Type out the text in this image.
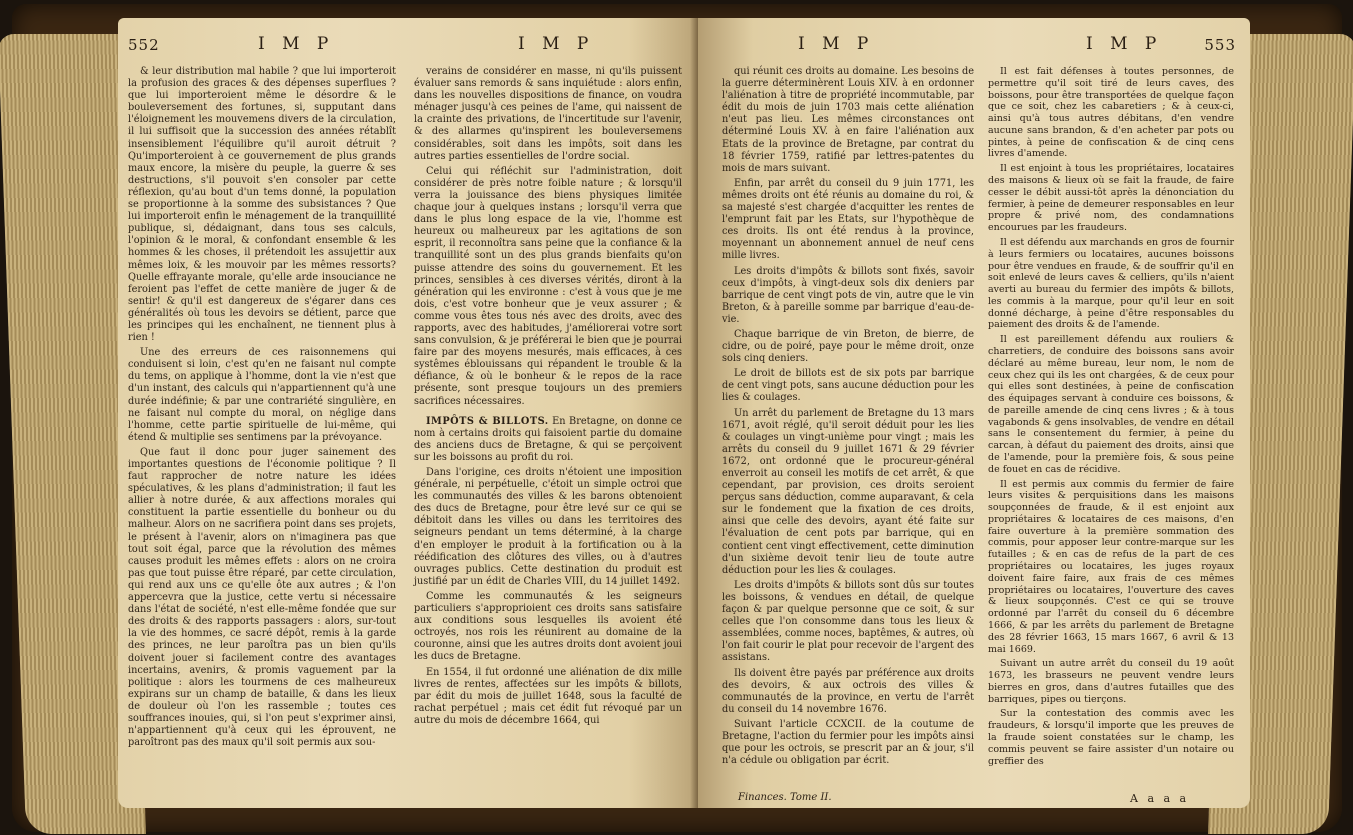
552	I M P	I M P

& leur distribution mal habile ? que lui importeroit la profusion des graces & des dépenses superflues ? que lui importeroient même le désordre & le bouleversement des fortunes, si, supputant dans l'éloignement les mouvemens divers de la circulation, il lui suffisoit que la succession des années rétablît insensiblement l'équilibre qu'il auroit détruit ? Qu'importeroient à ce gouvernement de plus grands maux encore, la misère du peuple, la guerre & ses destructions, s'il pouvoit s'en consoler par cette réflexion, qu'au bout d'un tems donné, la population se proportionne à la somme des subsistances ? Que lui importeroit enfin le ménagement de la tranquillité publique, si, dédaignant, dans tous ses calculs, l'opinion & le moral, & confondant ensemble & les hommes & les choses, il prétendoit les assujettir aux mêmes loix, & les mouvoir par les mêmes ressorts? Quelle effrayante morale, qu'elle arde insouciance ne feroient pas l'effet de cette manière de juger & de sentir! & qu'il est dangereux de s'égarer dans ces généralités où tous les devoirs se détient, parce que les principes qui les enchaînent, ne tiennent plus à rien !

Une des erreurs de ces raisonnemens qui conduisent si loin, c'est qu'en ne faisant nul compte du tems, on applique à l'homme, dont la vie n'est que d'un instant, des calculs qui n'appartiennent qu'à une durée indéfinie; & par une contrariété singulière, en ne faisant nul compte du moral, on néglige dans l'homme, cette partie spirituelle de lui-même, qui étend & multiplie ses sentimens par la prévoyance.

Que faut il donc pour juger sainement des importantes questions de l'économie politique ? Il faut rapprocher de notre nature les idées spéculatives, & les plans d'administration; il faut les allier à notre durée, & aux affections morales qui constituent la partie essentielle du bonheur ou du malheur. Alors on ne sacrifiera point dans ses projets, le présent à l'avenir, alors on n'imaginera pas que tout soit égal, parce que la révolution des mêmes causes produit les mêmes effets : alors on ne croira pas que tout puisse être réparé, par cette circulation, qui rend aux uns ce qu'elle ôte aux autres ; & l'on appercevra que la justice, cette vertu si nécessaire dans l'état de société, n'est elle-même fondée que sur des droits & des rapports passagers : alors, sur-tout la vie des hommes, ce sacré dépôt, remis à la garde des princes, ne leur paroîtra pas un bien qu'ils doivent jouer si facilement contre des avantages incertains, avenirs, & promis vaguement par la politique : alors les tourmens de ces malheureux expirans sur un champ de bataille, & dans les lieux de douleur où l'on les rassemble ; toutes ces souffrances inouies, qui, si l'on peut s'exprimer ainsi, n'appartiennent qu'à ceux qui les éprouvent, ne paroîtront pas des maux qu'il soit permis aux sou-

verains de considérer en masse, ni qu'ils puissent évaluer sans remords & sans inquiétude : alors enfin, dans les nouvelles dispositions de finance, on voudra ménager jusqu'à ces peines de l'ame, qui naissent de la crainte des privations, de l'incertitude sur l'avenir, & des allarmes qu'inspirent les bouleversemens considérables, soit dans les impôts, soit dans les autres parties essentielles de l'ordre social.

Celui qui réfléchit sur l'administration, doit considérer de près notre foible nature ; & lorsqu'il verra la jouissance des biens physiques limitée chaque jour à quelques instans ; lorsqu'il verra que dans le plus long espace de la vie, l'homme est heureux ou malheureux par les agitations de son esprit, il reconnoîtra sans peine que la confiance & la tranquillité sont un des plus grands bienfaits qu'on puisse attendre des soins du gouvernement. Et les princes, sensibles à ces diverses vérités, diront à la génération qui les environne : c'est à vous que je me dois, c'est votre bonheur que je veux assurer ; & comme vous êtes tous nés avec des droits, avec des rapports, avec des habitudes, j'améliorerai votre sort sans convulsion, & je préférerai le bien que je pourrai faire par des moyens mesurés, mais efficaces, à ces systêmes éblouissans qui répandent le trouble & la défiance, & où le bonheur & le repos de la race présente, sont presque toujours un des premiers sacrifices nécessaires.

IMPÔTS & BILLOTS. En Bretagne, on donne ce nom à certains droits qui faisoient partie du domaine des anciens ducs de Bretagne, & qui se perçoivent sur les boissons au profit du roi.

Dans l'origine, ces droits n'étoient une imposition générale, ni perpétuelle, c'étoit un simple octroi que les communautés des villes & les barons obtenoient des ducs de Bretagne, pour être levé sur ce qui se débitoit dans les villes ou dans les territoires des seigneurs pendant un tems déterminé, à la charge d'en employer le produit à la fortification ou à la réédification des clôtures des villes, ou à d'autres ouvrages publics. Cette destination du produit est justifié par un édit de Charles VIII, du 14 juillet 1492.

Comme les communautés & les seigneurs particuliers s'approprioient ces droits sans satisfaire aux conditions sous lesquelles ils avoient été octroyés, nos rois les réunirent au domaine de la couronne, ainsi que les autres droits dont avoient joui les ducs de Bretagne.

En 1554, il fut ordonné une aliénation de dix mille livres de rentes, affectées sur les impôts & billots, par édit du mois de juillet 1648, sous la faculté de rachat perpétuel ; mais cet édit fut révoqué par un autre du mois de décembre 1664, qui

I M P	I M P	553

qui réunit ces droits au domaine. Les besoins de la guerre déterminèrent Louis XIV. à en ordonner l'aliénation à titre de propriété incommutable, par édit du mois de juin 1703 mais cette aliénation n'eut pas lieu. Les mêmes circonstances ont déterminé Louis XV. à en faire l'aliénation aux Etats de la province de Bretagne, par contrat du 18 février 1759, ratifié par lettres-patentes du mois de mars suivant.

Enfin, par arrêt du conseil du 9 juin 1771, les mêmes droits ont été réunis au domaine du roi, & sa majesté s'est chargée d'acquitter les rentes de l'emprunt fait par les Etats, sur l'hypothèque de ces droits. Ils ont été rendus à la province, moyennant un abonnement annuel de neuf cens mille livres.

Les droits d'impôts & billots sont fixés, savoir ceux d'impôts, à vingt-deux sols dix deniers par barrique de cent vingt pots de vin, autre que le vin Breton, & à pareille somme par barrique d'eau-de-vie.

Chaque barrique de vin Breton, de bierre, de cidre, ou de poiré, paye pour le même droit, onze sols cinq deniers.

Le droit de billots est de six pots par barrique de cent vingt pots, sans aucune déduction pour les lies & coulages.

Un arrêt du parlement de Bretagne du 13 mars 1671, avoit réglé, qu'il seroit déduit pour les lies & coulages un vingt-unième pour vingt ; mais les arrêts du conseil du 9 juillet 1671 & 29 février 1672, ont ordonné que le procureur-général enverroit au conseil les motifs de cet arrêt, & que cependant, par provision, ces droits seroient perçus sans déduction, comme auparavant, & cela sur le fondement que la fixation de ces droits, ainsi que celle des devoirs, ayant été faite sur l'évaluation de cent pots par barrique, qui en contient cent vingt effectivement, cette diminution d'un sixième devoit tenir lieu de toute autre déduction pour les lies & coulages.

Les droits d'impôts & billots sont dûs sur toutes les boissons, & vendues en détail, de quelque façon & par quelque personne que ce soit, & sur celles que l'on consomme dans tous les lieux & assemblées, comme noces, baptêmes, & autres, où l'on fait courir le plat pour recevoir de l'argent des assistans.

Ils doivent être payés par préférence aux droits des devoirs, & aux octrois des villes & communautés de la province, en vertu de l'arrêt du conseil du 14 novembre 1676.

Suivant l'article CCXCII. de la coutume de Bretagne, l'action du fermier pour les impôts ainsi que pour les octrois, se prescrit par an & jour, s'il n'a cédule ou obligation par écrit.

Il est fait défenses à toutes personnes, de permettre qu'il soit tiré de leurs caves, des boissons, pour être transportées de quelque façon que ce soit, chez les cabaretiers ; & à ceux-ci, ainsi qu'à tous autres débitans, d'en vendre aucune sans brandon, & d'en acheter par pots ou pintes, à peine de confiscation & de cinq cens livres d'amende.

Il est enjoint à tous les propriétaires, locataires des maisons & lieux où se fait la fraude, de faire cesser le débit aussi-tôt après la dénonciation du fermier, à peine de demeurer responsables en leur propre & privé nom, des condamnations encourues par les fraudeurs.

Il est défendu aux marchands en gros de fournir à leurs fermiers ou locataires, aucunes boissons pour être vendues en fraude, & de souffrir qu'il en soit enlevé de leurs caves & celliers, qu'ils n'aient averti au bureau du fermier des impôts & billots, les commis à la marque, pour qu'il leur en soit donné décharge, à peine d'être responsables du paiement des droits & de l'amende.

Il est pareillement défendu aux rouliers & charretiers, de conduire des boissons sans avoir déclaré au même bureau, leur nom, le nom de ceux chez qui ils les ont chargées, & de ceux pour qui elles sont destinées, à peine de confiscation des équipages servant à conduire ces boissons, & de pareille amende de cinq cens livres ; & à tous vagabonds & gens insolvables, de vendre en détail sans le consentement du fermier, à peine du carcan, à défaut du paiement des droits, ainsi que de l'amende, pour la première fois, & sous peine de fouet en cas de récidive.

Il est permis aux commis du fermier de faire leurs visites & perquisitions dans les maisons soupçonnées de fraude, & il est enjoint aux propriétaires & locataires de ces maisons, d'en faire ouverture à la première sommation des commis, pour apposer leur contre-marque sur les futailles ; & en cas de refus de la part de ces propriétaires ou locataires, les juges royaux doivent faire faire, aux frais de ces mêmes propriétaires ou locataires, l'ouverture des caves & lieux soupçonnés. C'est ce qui se trouve ordonné par l'arrêt du conseil du 6 décembre 1666, & par les arrêts du parlement de Bretagne des 28 février 1663, 15 mars 1667, 6 avril & 13 mai 1669.

Suivant un autre arrêt du conseil du 19 août 1673, les brasseurs ne peuvent vendre leurs bierres en gros, dans d'autres futailles que des barriques, pipes ou tierçons.

Sur la contestation des commis avec les fraudeurs, & lorsqu'il importe que les preuves de la fraude soient constatées sur le champ, les commis peuvent se faire assister d'un notaire ou greffier des

Finances. Tome II.	A a a a
